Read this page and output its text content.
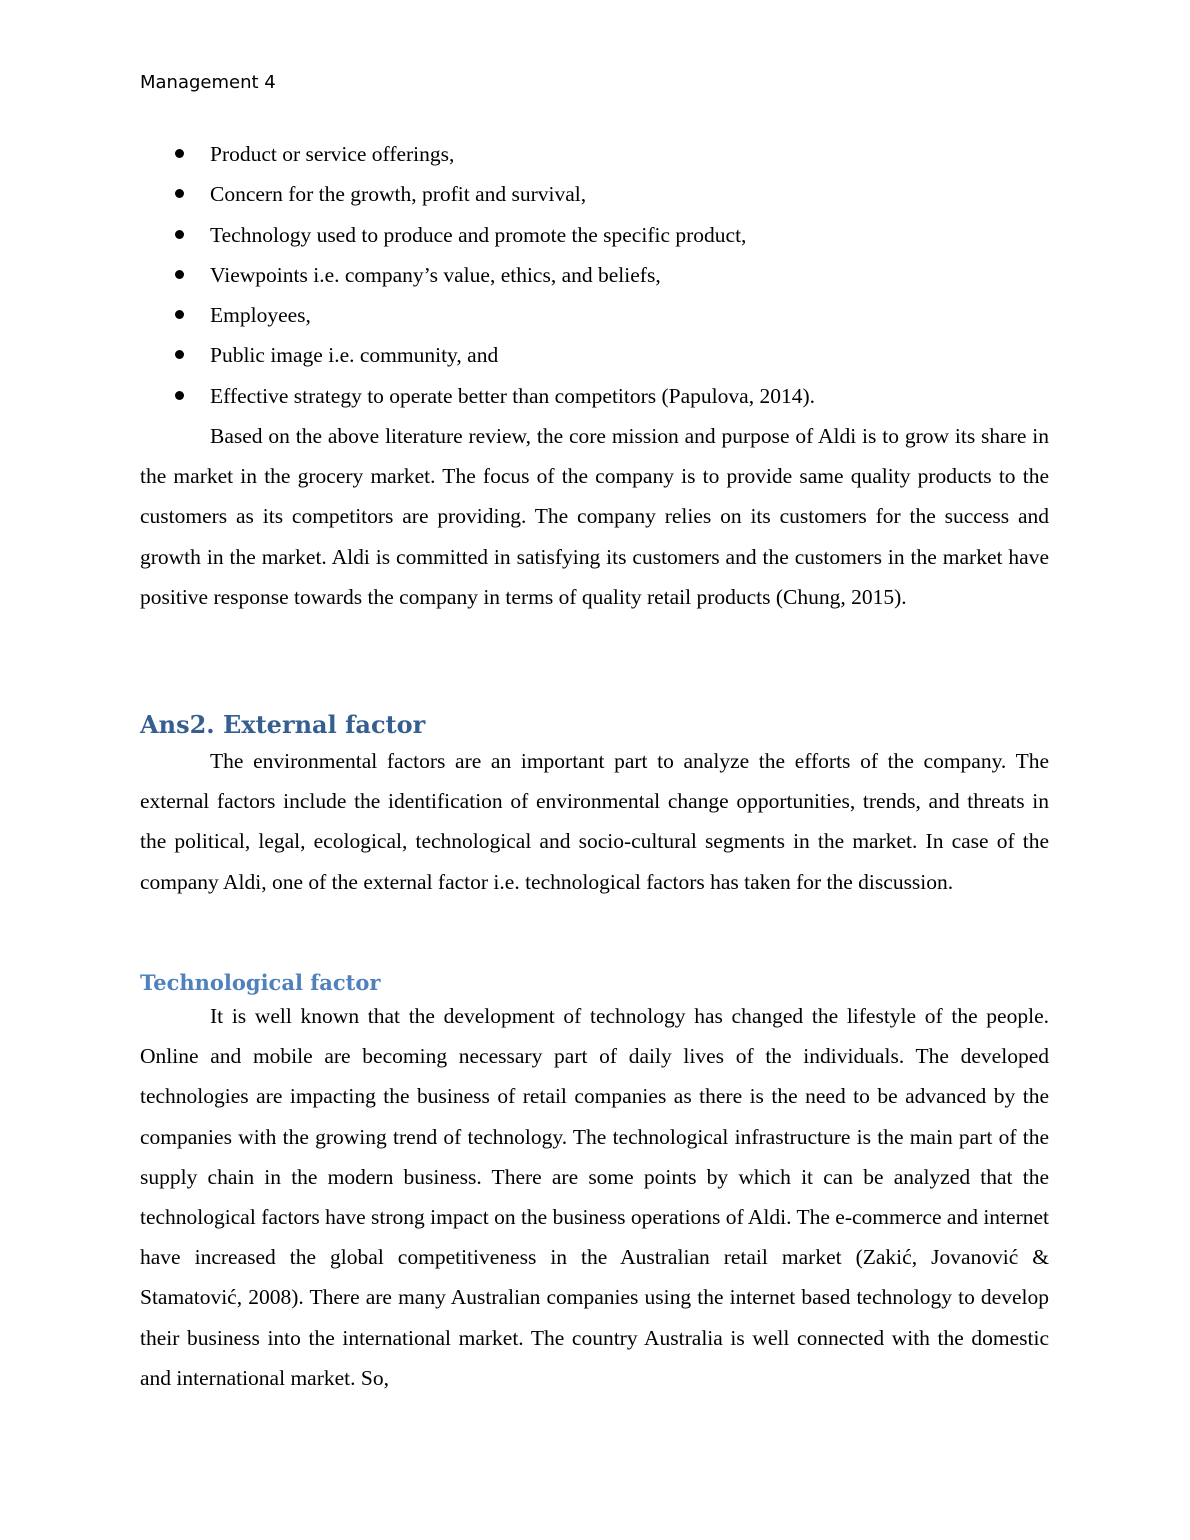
Management 4
Product or service offerings,
Concern for the growth, profit and survival,
Technology used to produce and promote the specific product,
Viewpoints i.e. company’s value, ethics, and beliefs,
Employees,
Public image i.e. community, and
Effective strategy to operate better than competitors (Papulova, 2014).

Based on the above literature review, the core mission and purpose of Aldi is to grow its share in the market in the grocery market. The focus of the company is to provide same quality products to the customers as its competitors are providing. The company relies on its customers for the success and growth in the market. Aldi is committed in satisfying its customers and the customers in the market have positive response towards the company in terms of quality retail products (Chung, 2015).

Ans2. External factor

The environmental factors are an important part to analyze the efforts of the company. The external factors include the identification of environmental change opportunities, trends, and threats in the political, legal, ecological, technological and socio-cultural segments in the market. In case of the company Aldi, one of the external factor i.e. technological factors has taken for the discussion.

Technological factor

It is well known that the development of technology has changed the lifestyle of the people. Online and mobile are becoming necessary part of daily lives of the individuals. The developed technologies are impacting the business of retail companies as there is the need to be advanced by the companies with the growing trend of technology. The technological infrastructure is the main part of the supply chain in the modern business. There are some points by which it can be analyzed that the technological factors have strong impact on the business operations of Aldi. The e-commerce and internet have increased the global competitiveness in the Australian retail market (Zakić, Jovanović & Stamatović, 2008). There are many Australian companies using the internet based technology to develop their business into the international market. The country Australia is well connected with the domestic and international market. So,
